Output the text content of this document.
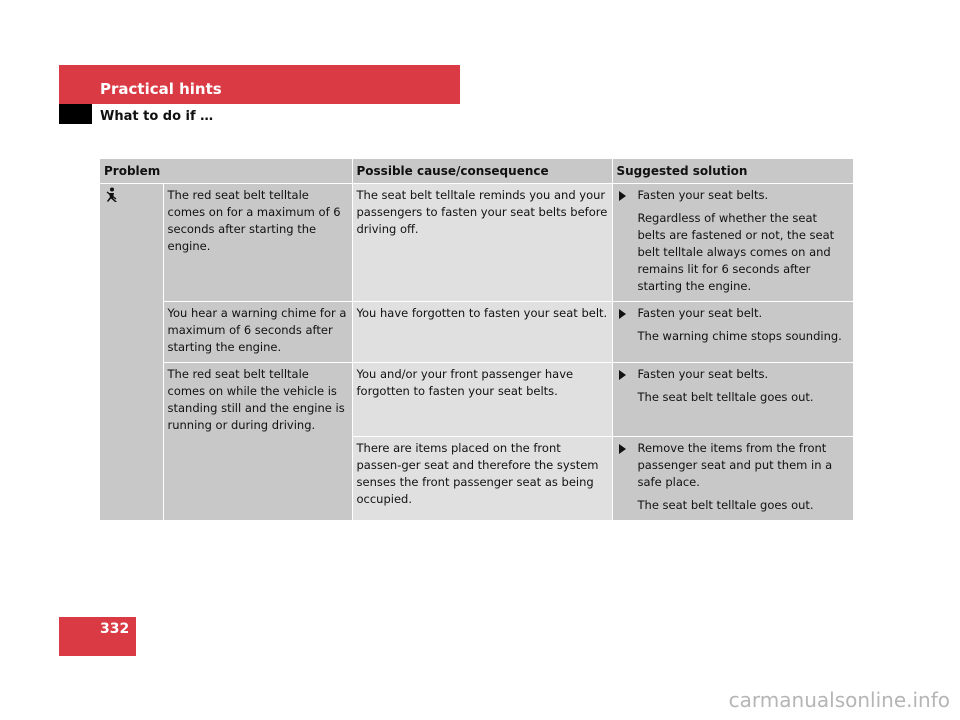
Practical hints
What to do if …
Problem		Possible cause/consequence	Suggested solution
	The red seat belt telltale comes on for a maximum of 6 seconds after starting the engine.	The seat belt telltale reminds you and your passengers to fasten your seat belts before driving off.	Fasten your seat belts.
Regardless of whether the seat belts are fastened or not, the seat belt telltale always comes on and remains lit for 6 seconds after starting the engine.

	You hear a warning chime for a maximum of 6 seconds after starting the engine.	You have forgotten to fasten your seat belt.	Fasten your seat belt.
The warning chime stops sounding.

	The red seat belt telltale comes on while the vehicle is standing still and the engine is running or during driving.	You and/or your front passenger have forgotten to fasten your seat belts.	Fasten your seat belts.
The seat belt telltale goes out.

		There are items placed on the front passen-ger seat and therefore the system senses the front passenger seat as being occupied.	Remove the items from the front passenger seat and put them in a safe place.
The seat belt telltale goes out.
332
carmanualsonline.info
